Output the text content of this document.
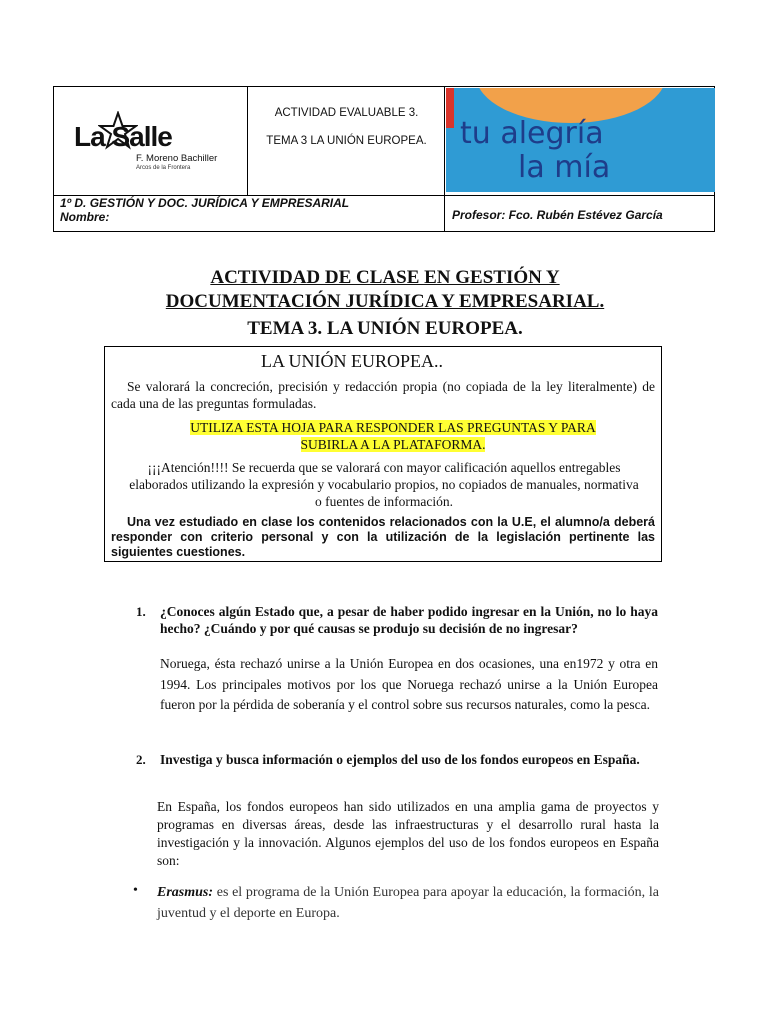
La Salle
F. Moreno Bachiller
Arcos de la Frontera
ACTIVIDAD EVALUABLE 3.
TEMA 3 LA UNIÓN EUROPEA.	tu alegría
la mía
1º D. GESTIÓN Y DOC. JURÍDICA Y EMPRESARIAL
Nombre:	Profesor: Fco. Rubén Estévez García
ACTIVIDAD DE CLASE EN GESTIÓN Y
DOCUMENTACIÓN JURÍDICA Y EMPRESARIAL.
TEMA 3. LA UNIÓN EUROPEA.
LA UNIÓN EUROPEA..
Se valorará la concreción, precisión y redacción propia (no copiada de la ley literalmente) de cada una de las preguntas formuladas.
UTILIZA ESTA HOJA PARA RESPONDER LAS PREGUNTAS Y PARA
SUBIRLA A LA PLATAFORMA.
¡¡¡Atención!!!! Se recuerda que se valorará con mayor calificación aquellos entregables elaborados utilizando la expresión y vocabulario propios, no copiados de manuales, normativa o fuentes de información.
Una vez estudiado en clase los contenidos relacionados con la U.E, el alumno/a deberá responder con criterio personal y con la utilización de la legislación pertinente las siguientes cuestiones.
1. ¿Conoces algún Estado que, a pesar de haber podido ingresar en la Unión, no lo haya hecho? ¿Cuándo y por qué causas se produjo su decisión de no ingresar?
Noruega, ésta rechazó unirse a la Unión Europea en dos ocasiones, una en1972 y otra en 1994. Los principales motivos por los que Noruega rechazó unirse a la Unión Europea fueron por la pérdida de soberanía y el control sobre sus recursos naturales, como la pesca.
2. Investiga y busca información o ejemplos del uso de los fondos europeos en España.
En España, los fondos europeos han sido utilizados en una amplia gama de proyectos y programas en diversas áreas, desde las infraestructuras y el desarrollo rural hasta la investigación y la innovación. Algunos ejemplos del uso de los fondos europeos en España son:
• Erasmus: es el programa de la Unión Europea para apoyar la educación, la formación, la juventud y el deporte en Europa.
